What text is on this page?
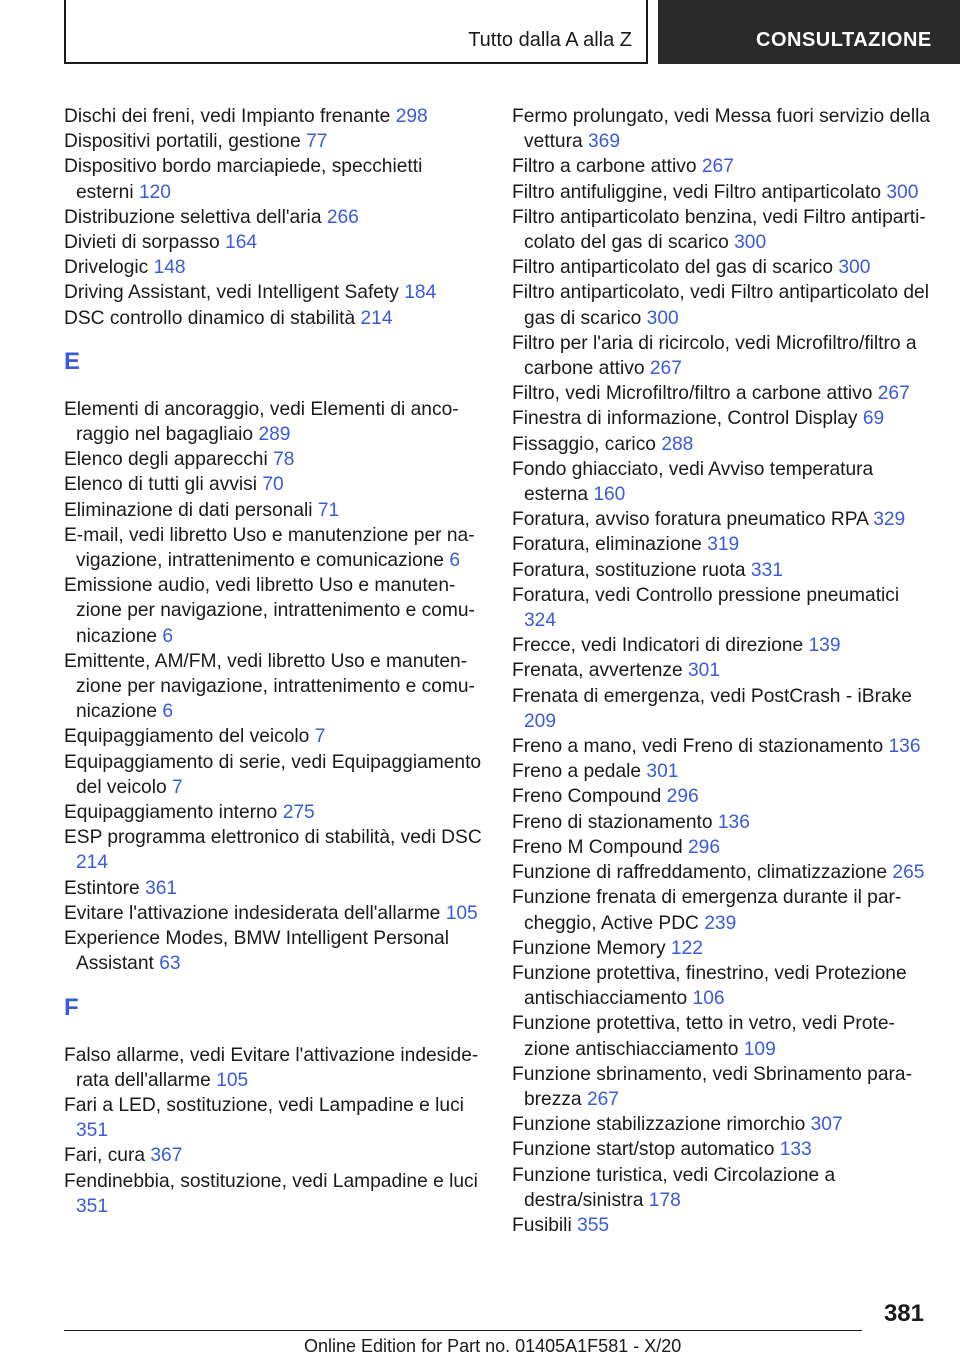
Tutto dalla A alla Z	CONSULTAZIONE
Dischi dei freni, vedi Impianto frenante 298
Dispositivi portatili, gestione 77
Dispositivo bordo marciapiede, specchietti esterni 120
Distribuzione selettiva dell'aria 266
Divieti di sorpasso 164
Drivelogic 148
Driving Assistant, vedi Intelligent Safety 184
DSC controllo dinamico di stabilità 214
E
Elementi di ancoraggio, vedi Elementi di ancoraggio nel bagagliaio 289
Elenco degli apparecchi 78
Elenco di tutti gli avvisi 70
Eliminazione di dati personali 71
E-mail, vedi libretto Uso e manutenzione per navigazione, intrattenimento e comunicazione 6
Emissione audio, vedi libretto Uso e manutenzione per navigazione, intrattenimento e comunicazione 6
Emittente, AM/FM, vedi libretto Uso e manutenzione per navigazione, intrattenimento e comunicazione 6
Equipaggiamento del veicolo 7
Equipaggiamento di serie, vedi Equipaggiamento del veicolo 7
Equipaggiamento interno 275
ESP programma elettronico di stabilità, vedi DSC 214
Estintore 361
Evitare l'attivazione indesiderata dell'allarme 105
Experience Modes, BMW Intelligent Personal Assistant 63
F
Falso allarme, vedi Evitare l'attivazione indesiderata dell'allarme 105
Fari a LED, sostituzione, vedi Lampadine e luci 351
Fari, cura 367
Fendinebbia, sostituzione, vedi Lampadine e luci 351
Fermo prolungato, vedi Messa fuori servizio della vettura 369
Filtro a carbone attivo 267
Filtro antifuliggine, vedi Filtro antiparticolato 300
Filtro antiparticolato benzina, vedi Filtro antiparticolato del gas di scarico 300
Filtro antiparticolato del gas di scarico 300
Filtro antiparticolato, vedi Filtro antiparticolato del gas di scarico 300
Filtro per l'aria di ricircolo, vedi Microfiltro/filtro a carbone attivo 267
Filtro, vedi Microfiltro/filtro a carbone attivo 267
Finestra di informazione, Control Display 69
Fissaggio, carico 288
Fondo ghiacciato, vedi Avviso temperatura esterna 160
Foratura, avviso foratura pneumatico RPA 329
Foratura, eliminazione 319
Foratura, sostituzione ruota 331
Foratura, vedi Controllo pressione pneumatici 324
Frecce, vedi Indicatori di direzione 139
Frenata, avvertenze 301
Frenata di emergenza, vedi PostCrash - iBrake 209
Freno a mano, vedi Freno di stazionamento 136
Freno a pedale 301
Freno Compound 296
Freno di stazionamento 136
Freno M Compound 296
Funzione di raffreddamento, climatizzazione 265
Funzione frenata di emergenza durante il parcheggio, Active PDC 239
Funzione Memory 122
Funzione protettiva, finestrino, vedi Protezione antischiacciamento 106
Funzione protettiva, tetto in vetro, vedi Protezione antischiacciamento 109
Funzione sbrinamento, vedi Sbrinamento parabrezza 267
Funzione stabilizzazione rimorchio 307
Funzione start/stop automatico 133
Funzione turistica, vedi Circolazione a destra/sinistra 178
Fusibili 355
381
Online Edition for Part no. 01405A1F581 - X/20
